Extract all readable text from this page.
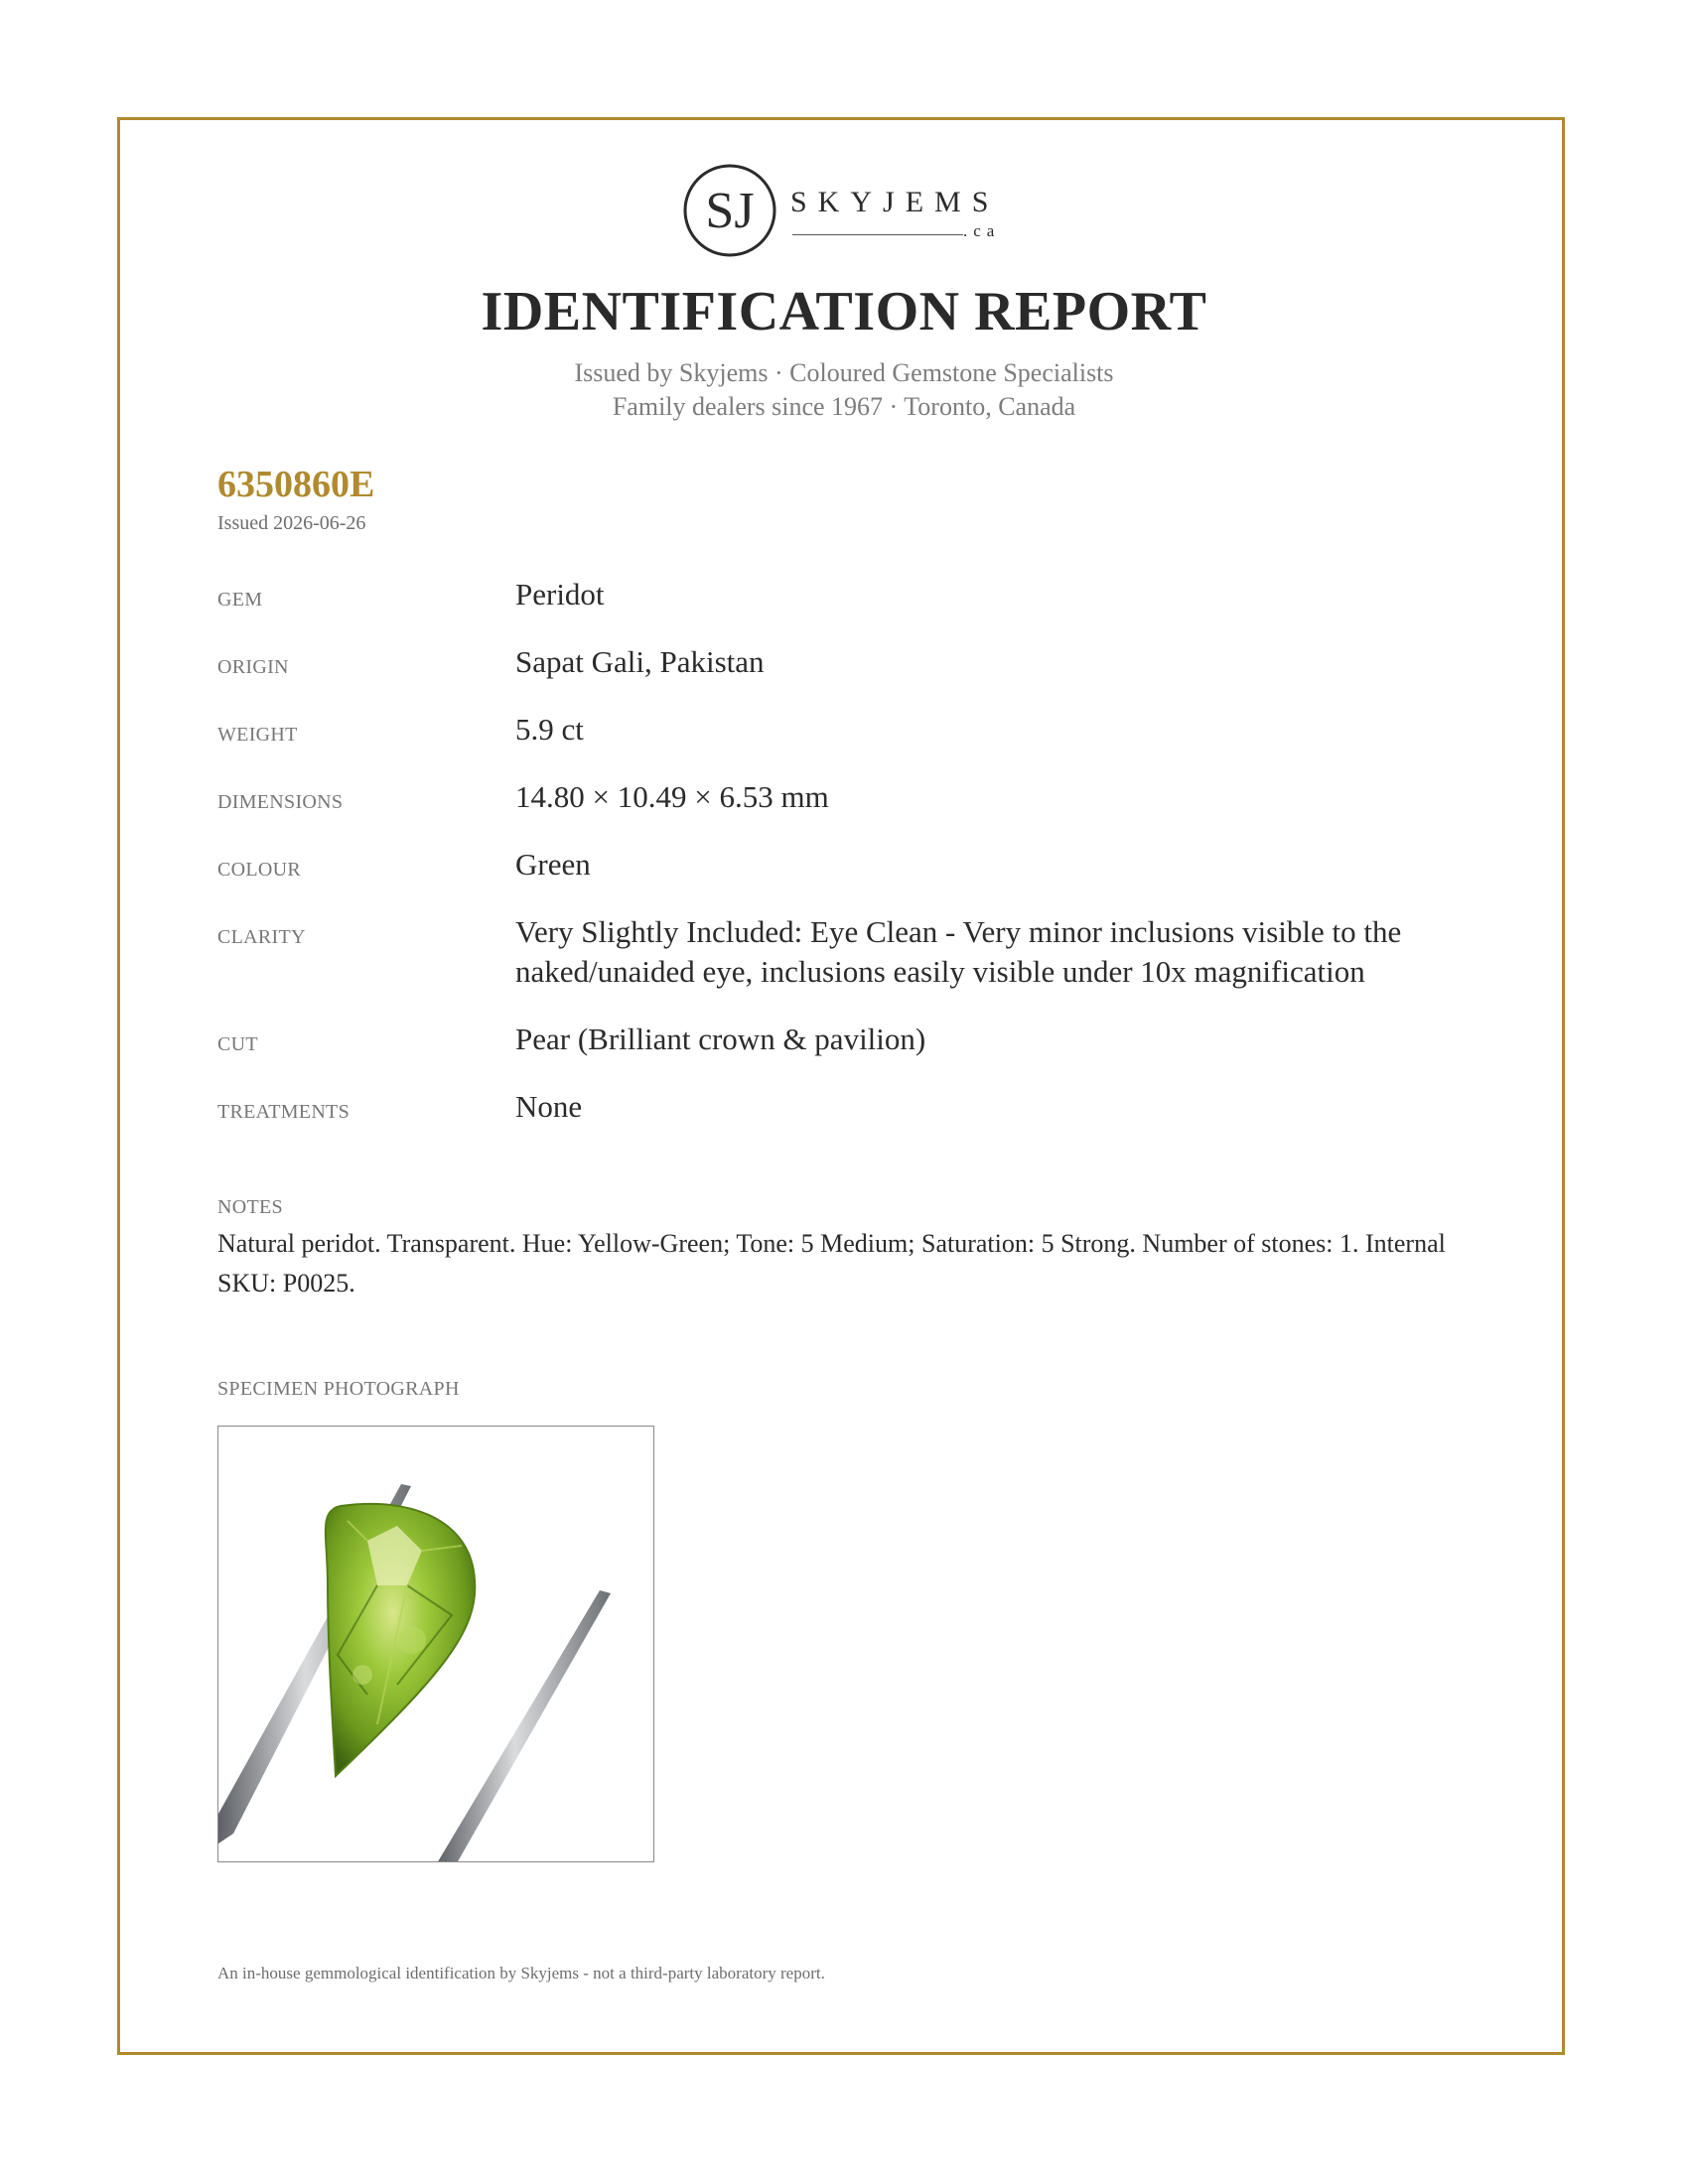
SJ SKYJEMS
.ca
IDENTIFICATION REPORT
Issued by Skyjems · Coloured Gemstone Specialists
Family dealers since 1967 · Toronto, Canada
6350860E
Issued 2026-06-26
GEM	Peridot
ORIGIN	Sapat Gali, Pakistan
WEIGHT	5.9 ct
DIMENSIONS	14.80 × 10.49 × 6.53 mm
COLOUR	Green
CLARITY	Very Slightly Included: Eye Clean - Very minor inclusions visible to the naked/unaided eye, inclusions easily visible under 10x magnification
CUT	Pear (Brilliant crown & pavilion)
TREATMENTS	None
NOTES
Natural peridot. Transparent. Hue: Yellow-Green; Tone: 5 Medium; Saturation: 5 Strong. Number of stones: 1. Internal SKU: P0025.
SPECIMEN PHOTOGRAPH
An in-house gemmological identification by Skyjems - not a third-party laboratory report.
